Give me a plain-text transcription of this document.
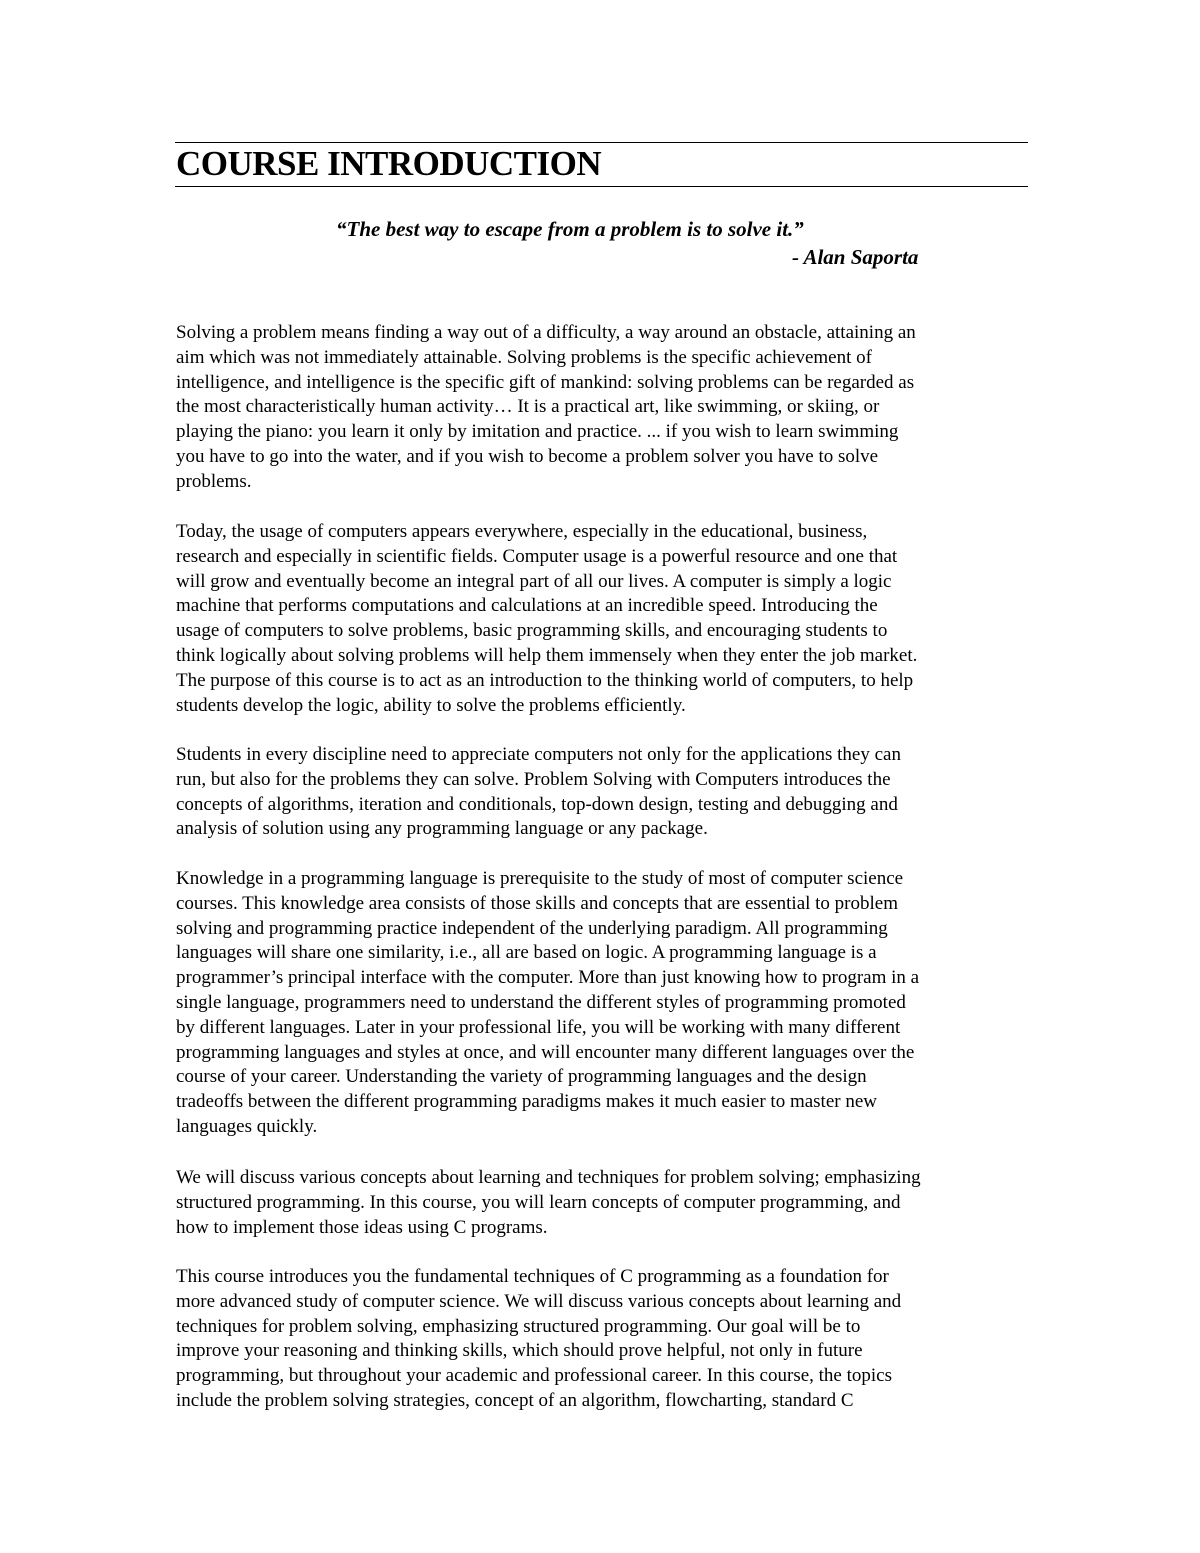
COURSE INTRODUCTION
“The best way to escape from a problem is to solve it.”
- Alan Saporta
Solving a problem means finding a way out of a difficulty, a way around an obstacle, attaining an
aim which was not immediately attainable. Solving problems is the specific achievement of
intelligence, and intelligence is the specific gift of mankind: solving problems can be regarded as
the most characteristically human activity… It is a practical art, like swimming, or skiing, or
playing the piano: you learn it only by imitation and practice. ... if you wish to learn swimming
you have to go into the water, and if you wish to become a problem solver you have to solve
problems.
Today, the usage of computers appears everywhere, especially in the educational, business,
research and especially in scientific fields. Computer usage is a powerful resource and one that
will grow and eventually become an integral part of all our lives. A computer is simply a logic
machine that performs computations and calculations at an incredible speed. Introducing the
usage of computers to solve problems, basic programming skills, and encouraging students to
think logically about solving problems will help them immensely when they enter the job market.
The purpose of this course is to act as an introduction to the thinking world of computers, to help
students develop the logic, ability to solve the problems efficiently.
Students in every discipline need to appreciate computers not only for the applications they can
run, but also for the problems they can solve. Problem Solving with Computers introduces the
concepts of algorithms, iteration and conditionals, top-down design, testing and debugging and
analysis of solution using any programming language or any package.
Knowledge in a programming language is prerequisite to the study of most of computer science
courses. This knowledge area consists of those skills and concepts that are essential to problem
solving and programming practice independent of the underlying paradigm. All programming
languages will share one similarity, i.e., all are based on logic. A programming language is a
programmer’s principal interface with the computer. More than just knowing how to program in a
single language, programmers need to understand the different styles of programming promoted
by different languages. Later in your professional life, you will be working with many different
programming languages and styles at once, and will encounter many different languages over the
course of your career. Understanding the variety of programming languages and the design
tradeoffs between the different programming paradigms makes it much easier to master new
languages quickly.
We will discuss various concepts about learning and techniques for problem solving; emphasizing
structured programming. In this course, you will learn concepts of computer programming, and
how to implement those ideas using C programs.
This course introduces you the fundamental techniques of C programming as a foundation for
more advanced study of computer science. We will discuss various concepts about learning and
techniques for problem solving, emphasizing structured programming. Our goal will be to
improve your reasoning and thinking skills, which should prove helpful, not only in future
programming, but throughout your academic and professional career. In this course, the topics
include the problem solving strategies, concept of an algorithm, flowcharting, standard C
